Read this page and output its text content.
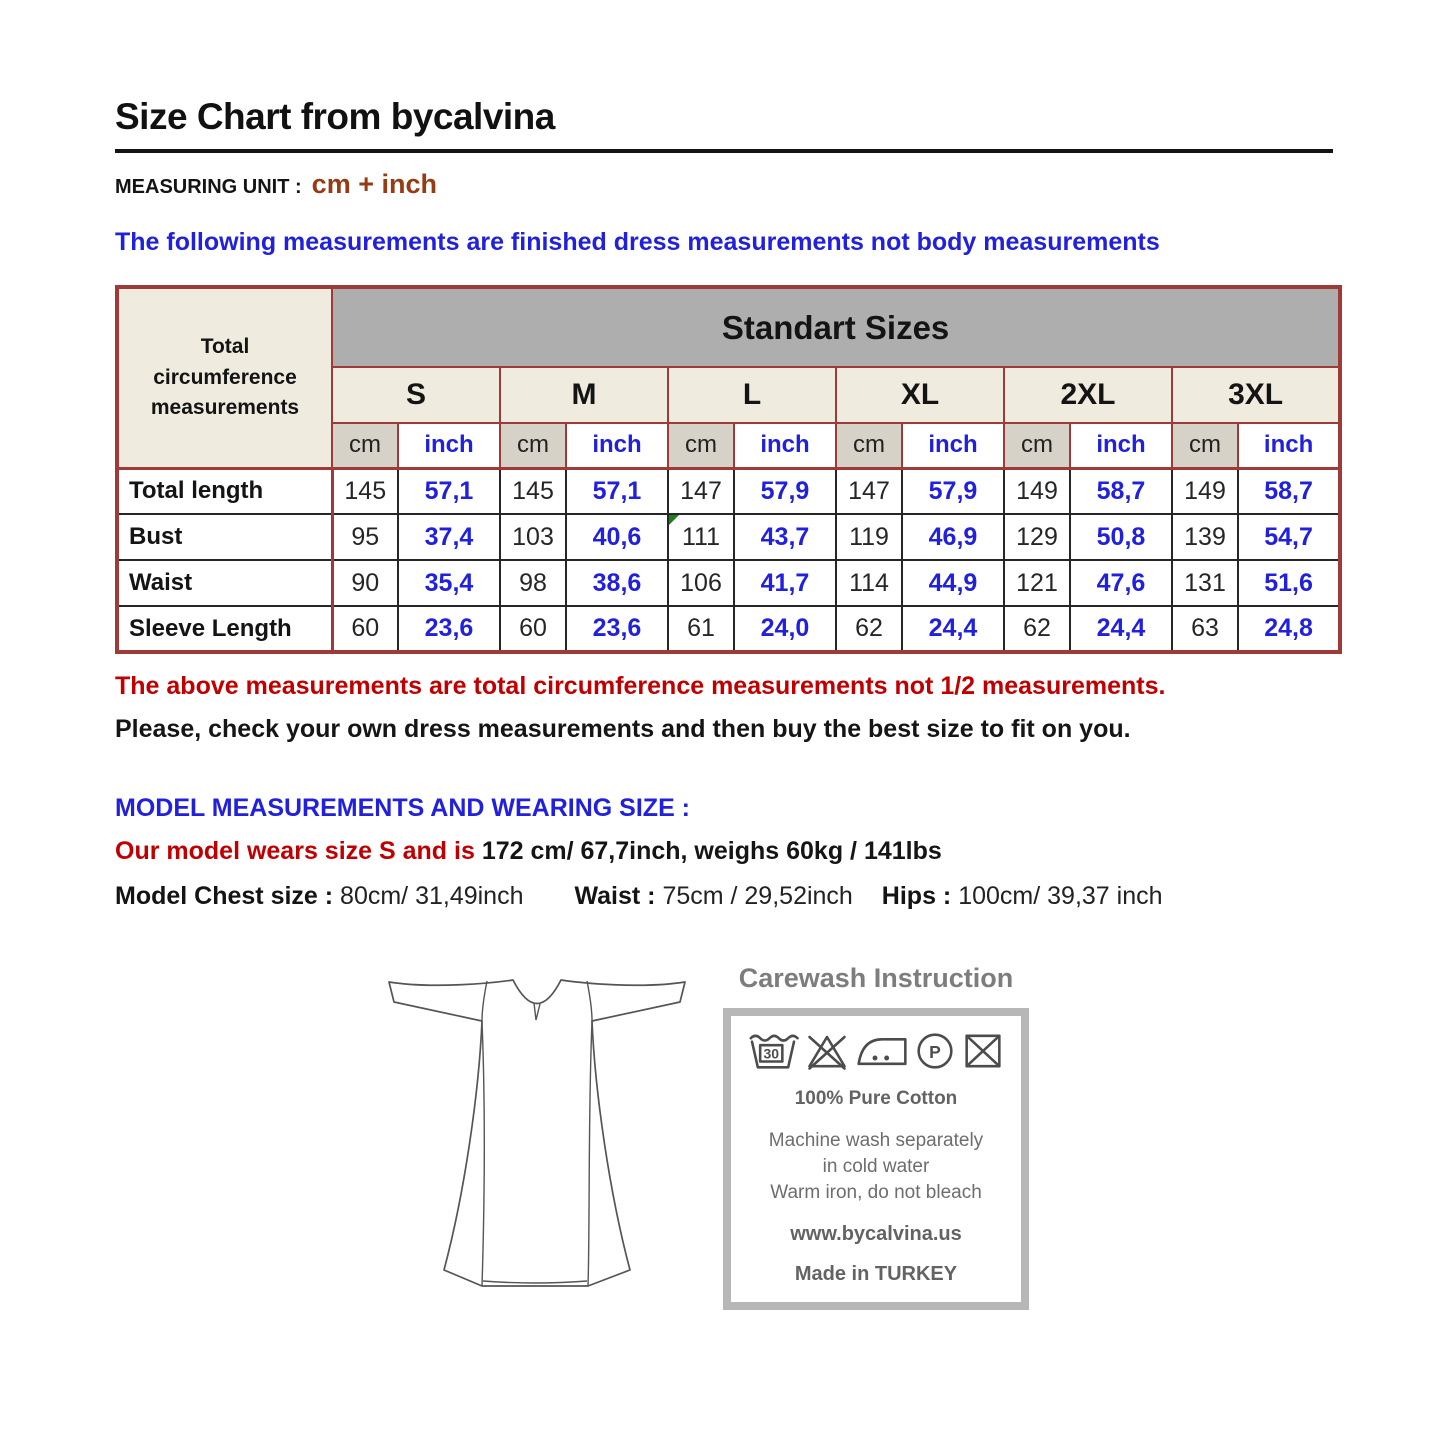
Size Chart from bycalvina
MEASURING UNIT : cm + inch
The following measurements are finished dress measurements not body measurements
Total circumference measurements	Standart Sizes											
	S		M		L		XL		2XL		3XL	
	cm	inch	cm	inch	cm	inch	cm	inch	cm	inch	cm	inch
Total length	145	57,1	145	57,1	147	57,9	147	57,9	149	58,7	149	58,7
Bust	95	37,4	103	40,6	111	43,7	119	46,9	129	50,8	139	54,7
Waist	90	35,4	98	38,6	106	41,7	114	44,9	121	47,6	131	51,6
Sleeve Length	60	23,6	60	23,6	61	24,0	62	24,4	62	24,4	63	24,8
The above measurements are total circumference measurements not 1/2 measurements.
Please, check your own dress measurements and then buy the best size to fit on you.
MODEL MEASUREMENTS AND WEARING SIZE :
Our model wears size S and is 172 cm/ 67,7inch, weighs 60kg / 141lbs
Model Chest size : 80cm/ 31,49inch Waist : 75cm / 29,52inch Hips : 100cm/ 39,37 inch
Carewash Instruction
30	P
100% Pure Cotton
Machine wash separately
in cold water
Warm iron, do not bleach
www.bycalvina.us
Made in TURKEY
